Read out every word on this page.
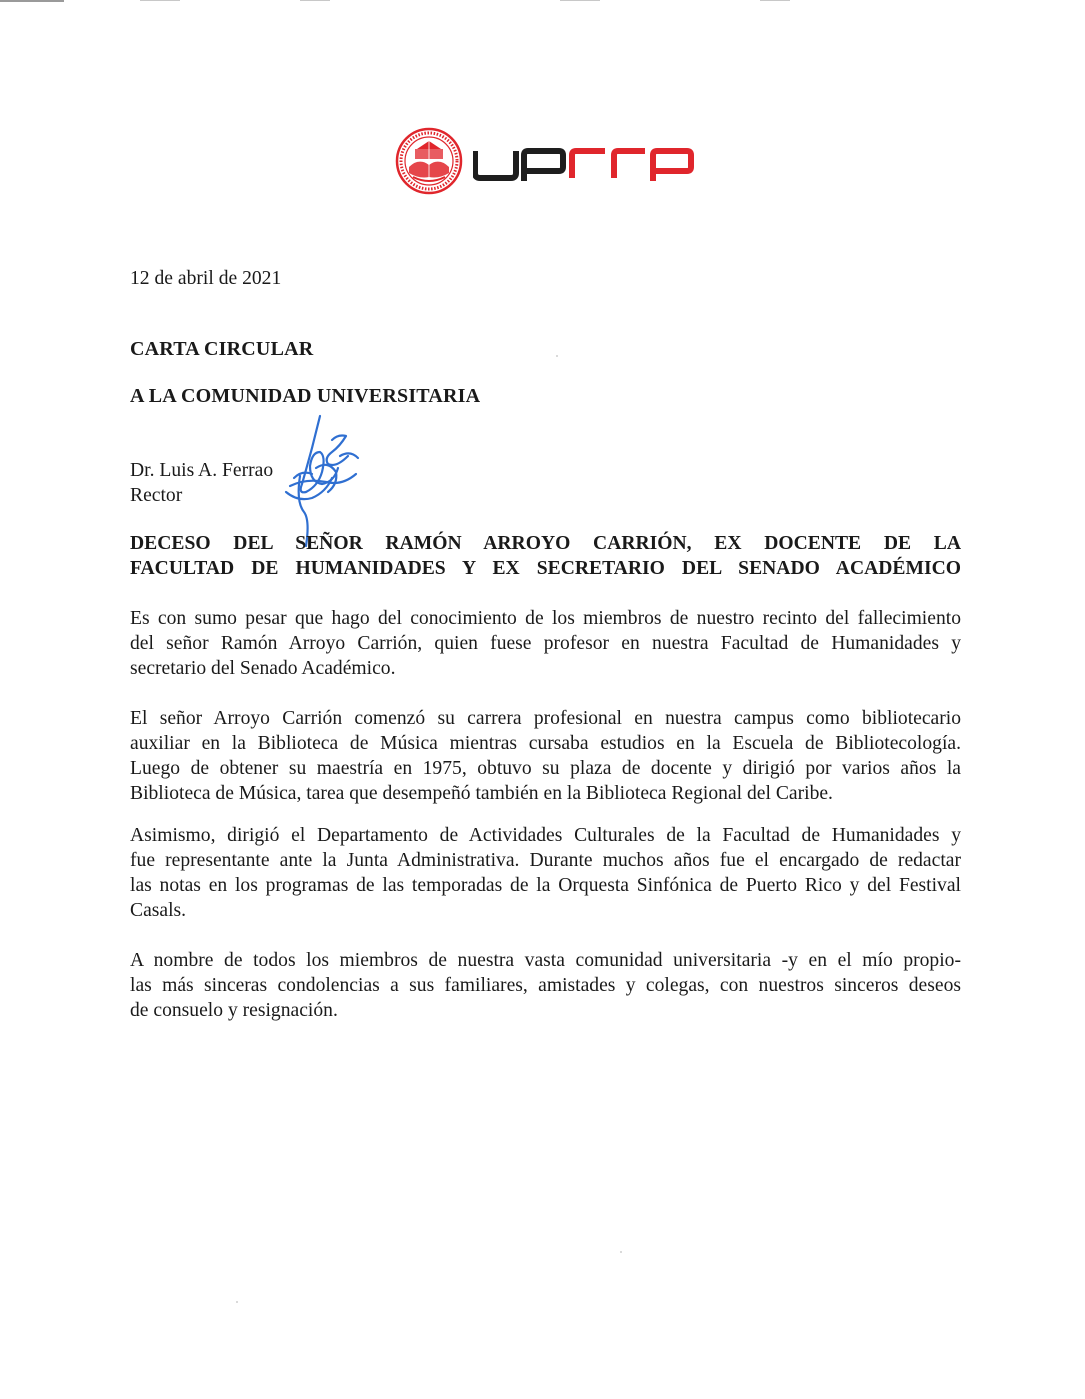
12 de abril de 2021
CARTA CIRCULAR
A LA COMUNIDAD UNIVERSITARIA
Dr. Luis A. Ferrao
Rector
DECESO DEL SEÑOR RAMÓN ARROYO CARRIÓN, EX DOCENTE DE LA
FACULTAD DE HUMANIDADES Y EX SECRETARIO DEL SENADO ACADÉMICO
Es con sumo pesar que hago del conocimiento de los miembros de nuestro recinto del fallecimiento
del señor Ramón Arroyo Carrión, quien fuese profesor en nuestra Facultad de Humanidades y
secretario del Senado Académico.
El señor Arroyo Carrión comenzó su carrera profesional en nuestra campus como bibliotecario
auxiliar en la Biblioteca de Música mientras cursaba estudios en la Escuela de Bibliotecología.
Luego de obtener su maestría en 1975, obtuvo su plaza de docente y dirigió por varios años la
Biblioteca de Música, tarea que desempeñó también en la Biblioteca Regional del Caribe.
Asimismo, dirigió el Departamento de Actividades Culturales de la Facultad de Humanidades y
fue representante ante la Junta Administrativa. Durante muchos años fue el encargado de redactar
las notas en los programas de las temporadas de la Orquesta Sinfónica de Puerto Rico y del Festival
Casals.
A nombre de todos los miembros de nuestra vasta comunidad universitaria -y en el mío propio-
las más sinceras condolencias a sus familiares, amistades y colegas, con nuestros sinceros deseos
de consuelo y resignación.
